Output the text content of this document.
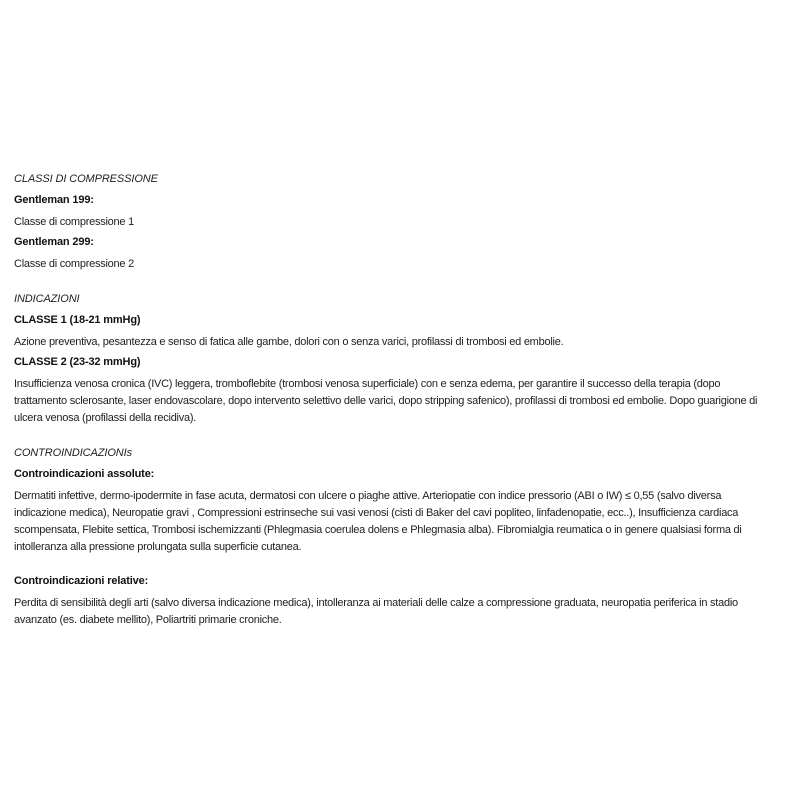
CLASSI DI COMPRESSIONE

Gentleman 199:

Classe di compressione 1

Gentleman 299:

Classe di compressione 2

INDICAZIONI

CLASSE 1 (18-21 mmHg)

Azione preventiva, pesantezza e senso di fatica alle gambe, dolori con o senza varici, profilassi di trombosi ed embolie.

CLASSE 2 (23-32 mmHg)

Insufficienza venosa cronica (IVC) leggera, tromboflebite (trombosi venosa superficiale) con e senza edema, per garantire il successo della terapia (dopo trattamento sclerosante, laser endovascolare, dopo intervento selettivo delle varici, dopo stripping safenico), profilassi di trombosi ed embolie. Dopo guarigione di ulcera venosa (profilassi della recidiva).

CONTROINDICAZIONIs

Controindicazioni assolute:

Dermatiti infettive, dermo-ipodermite in fase acuta, dermatosi con ulcere o piaghe attive. Arteriopatie con indice pressorio (ABI o IW) ≤ 0,55 (salvo diversa indicazione medica), Neuropatie gravi , Compressioni estrinseche sui vasi venosi (cisti di Baker del cavi popliteo, linfadenopatie, ecc..), Insufficienza cardiaca scompensata, Flebite settica, Trombosi ischemizzanti (Phlegmasia coerulea dolens e Phlegmasia alba). Fibromialgia reumatica o in genere qualsiasi forma di intolleranza alla pressione prolungata sulla superficie cutanea.

Controindicazioni relative:

Perdita di sensibilità degli arti (salvo diversa indicazione medica), intolleranza ai materiali delle calze a compressione graduata, neuropatia periferica in stadio avanzato (es. diabete mellito), Poliartriti primarie croniche.
